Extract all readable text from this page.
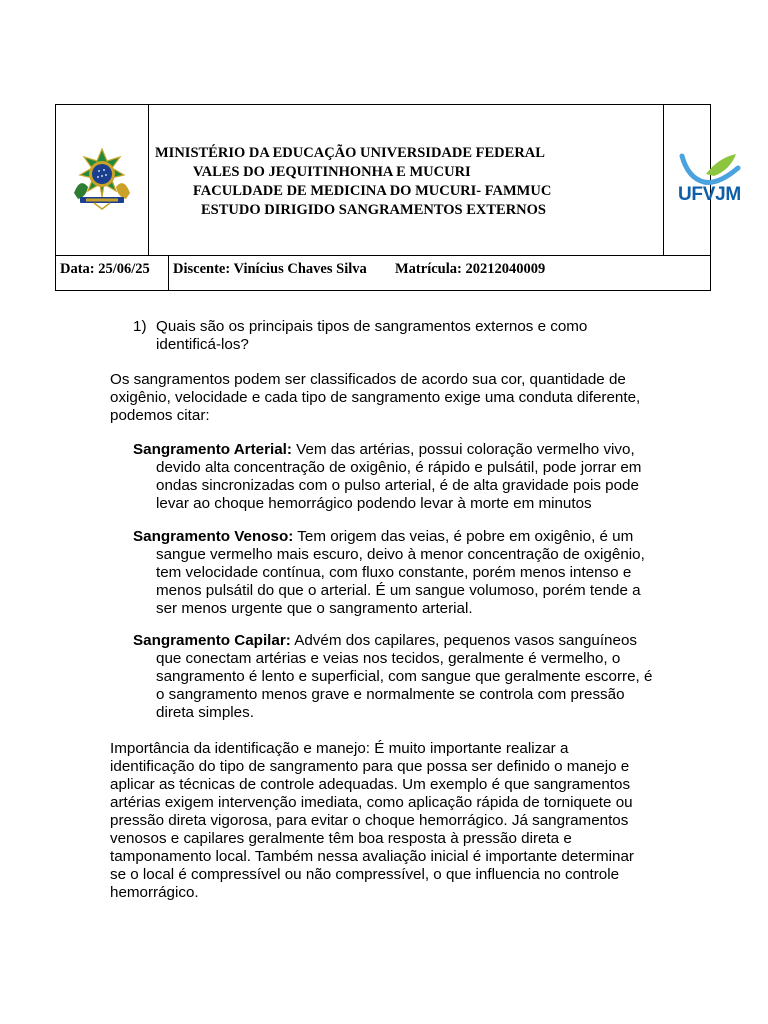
MINISTÉRIO DA EDUCAÇÃO UNIVERSIDADE FEDERAL
VALES DO JEQUITINHONHA E MUCURI
FACULDADE DE MEDICINA DO MUCURI- FAMMUC
ESTUDO DIRIGIDO SANGRAMENTOS EXTERNOS
UFVJM
Data: 25/06/25 Discente: Vinícius Chaves Silva Matrícula: 20212040009
1) Quais são os principais tipos de sangramentos externos e como identificá-los?
Os sangramentos podem ser classificados de acordo sua cor, quantidade de oxigênio, velocidade e cada tipo de sangramento exige uma conduta diferente, podemos citar:
Sangramento Arterial: Vem das artérias, possui coloração vermelho vivo, devido alta concentração de oxigênio, é rápido e pulsátil, pode jorrar em ondas sincronizadas com o pulso arterial, é de alta gravidade pois pode levar ao choque hemorrágico podendo levar à morte em minutos
Sangramento Venoso: Tem origem das veias, é pobre em oxigênio, é um sangue vermelho mais escuro, deivo à menor concentração de oxigênio, tem velocidade contínua, com fluxo constante, porém menos intenso e menos pulsátil do que o arterial. É um sangue volumoso, porém tende a ser menos urgente que o sangramento arterial.
Sangramento Capilar: Advém dos capilares, pequenos vasos sanguíneos que conectam artérias e veias nos tecidos, geralmente é vermelho, o sangramento é lento e superficial, com sangue que geralmente escorre, é o sangramento menos grave e normalmente se controla com pressão direta simples.
Importância da identificação e manejo: É muito importante realizar a identificação do tipo de sangramento para que possa ser definido o manejo e aplicar as técnicas de controle adequadas. Um exemplo é que sangramentos artérias exigem intervenção imediata, como aplicação rápida de torniquete ou pressão direta vigorosa, para evitar o choque hemorrágico. Já sangramentos venosos e capilares geralmente têm boa resposta à pressão direta e tamponamento local. Também nessa avaliação inicial é importante determinar se o local é compressível ou não compressível, o que influencia no controle hemorrágico.
